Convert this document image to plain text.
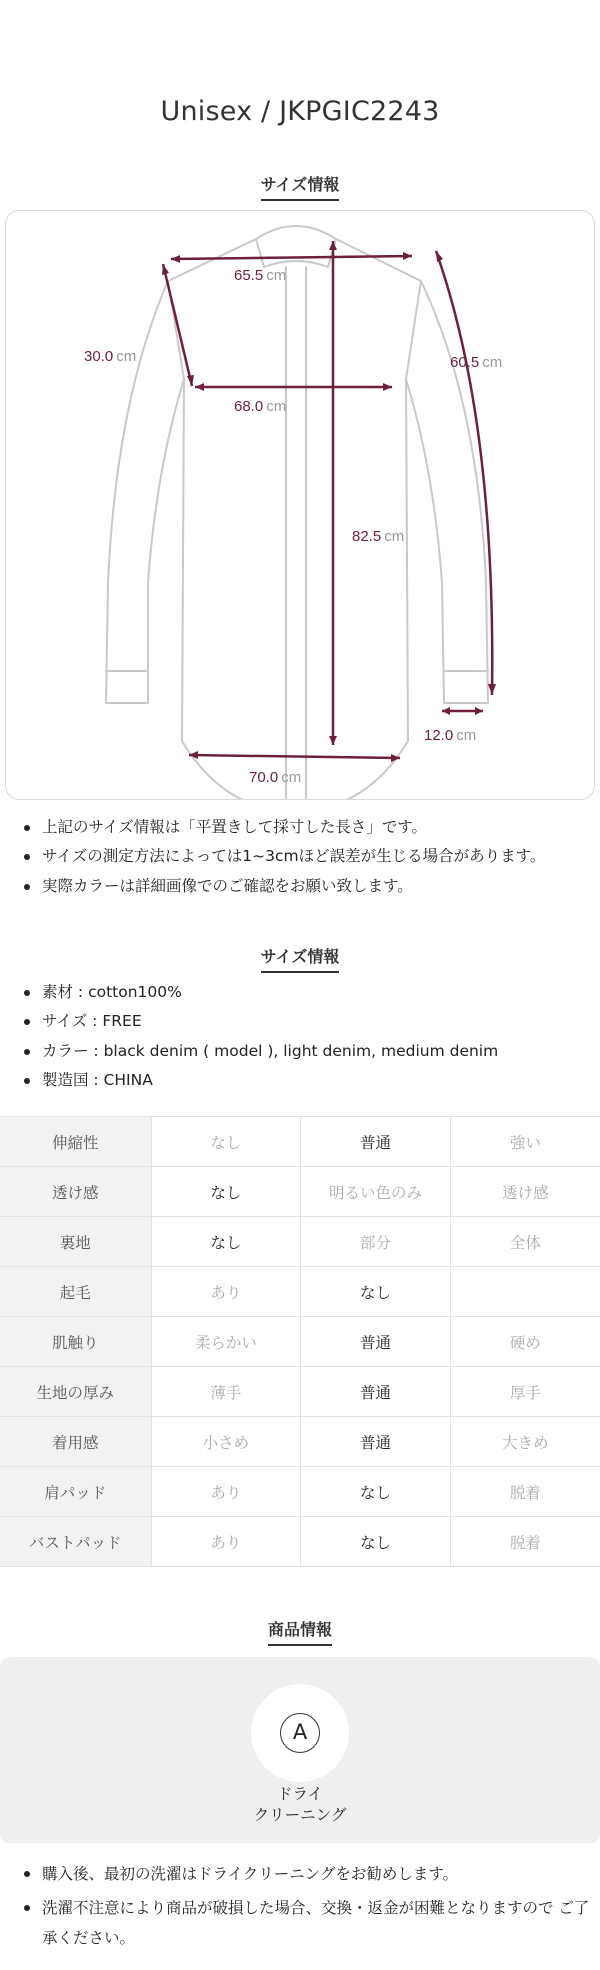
Unisex / JKPGIC2243
サイズ情報
65.5 cm
30.0 cm	60.5 cm
68.0 cm
82.5 cm
12.0 cm
70.0 cm
上記のサイズ情報は「平置きして採寸した長さ」です。
サイズの測定方法によっては1~3cmほど誤差が生じる場合があります。
実際カラーは詳細画像でのご確認をお願い致します。
サイズ情報
素材 : cotton100%
サイズ : FREE
カラー : black denim ( model ), light denim, medium denim
製造国 : CHINA
伸縮性	なし	普通	強い
透け感	なし	明るい色のみ	透け感
裏地	なし	部分	全体
起毛	あり	なし	
肌触り	柔らかい	普通	硬め
生地の厚み	薄手	普通	厚手
着用感	小さめ	普通	大きめ
肩パッド	あり	なし	脱着
バストパッド	あり	なし	脱着
商品情報
A
ドライ
クリーニング
購入後、最初の洗濯はドライクリーニングをお勧めします。
洗濯不注意により商品が破損した場合、交換・返金が困難となりますので ご了承ください。
